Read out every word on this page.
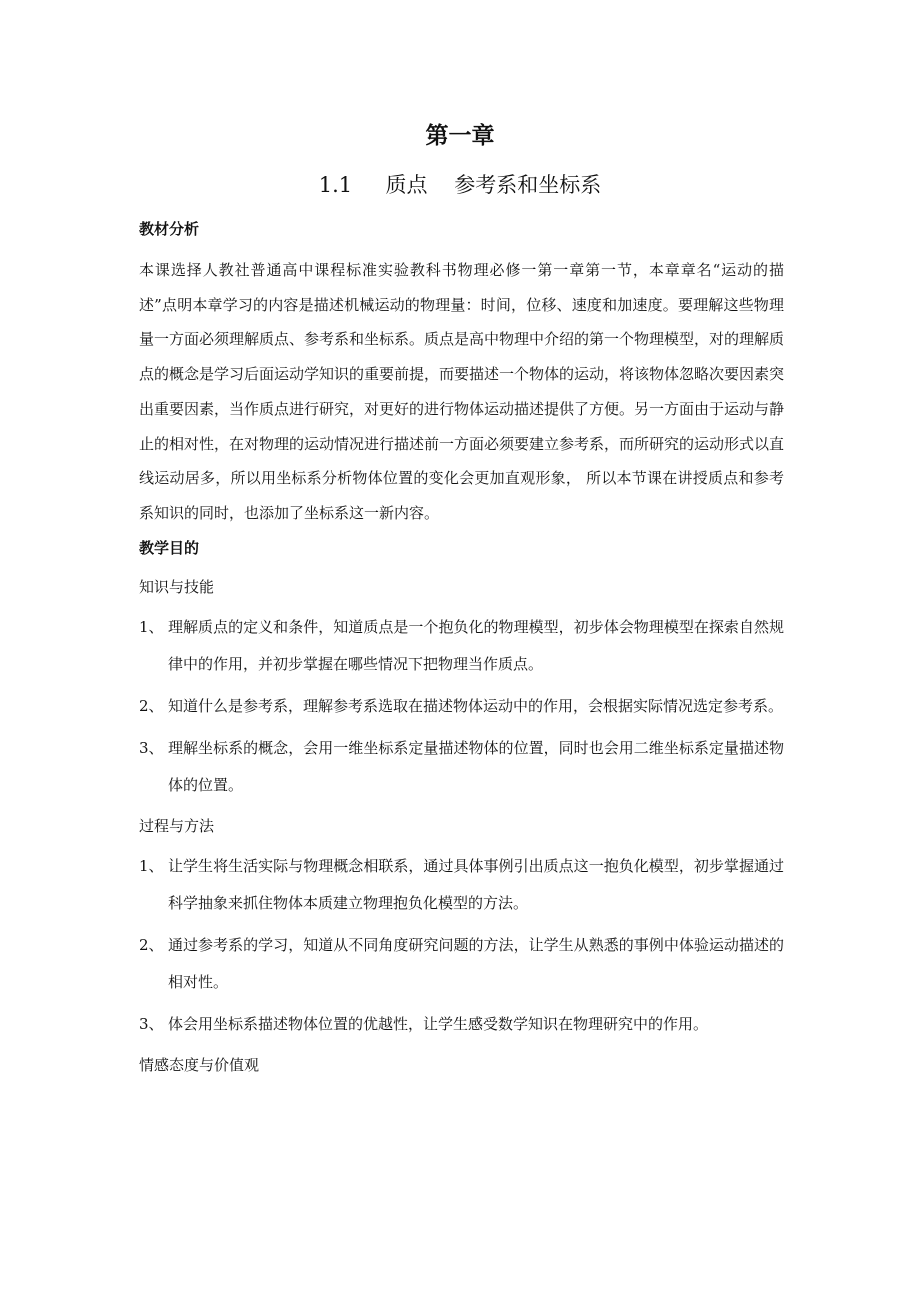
第一章
1.1     质点    参考系和坐标系
教材分析

本课选择人教社普通高中课程标准实验教科书物理必修一第一章第一节，本章章名“运动的描述”点明本章学习的内容是描述机械运动的物理量：时间，位移、速度和加速度。要理解这些物理量一方面必须理解质点、参考系和坐标系。质点是高中物理中介绍的第一个物理模型，对的理解质点的概念是学习后面运动学知识的重要前提，而要描述一个物体的运动，将该物体忽略次要因素突出重要因素，当作质点进行研究，对更好的进行物体运动描述提供了方便。另一方面由于运动与静止的相对性，在对物理的运动情况进行描述前一方面必须要建立参考系，而所研究的运动形式以直线运动居多，所以用坐标系分析物体位置的变化会更加直观形象， 所以本节课在讲授质点和参考系知识的同时，也添加了坐标系这一新内容。

教学目的
知识与技能
1、 理解质点的定义和条件，知道质点是一个抱负化的物理模型，初步体会物理模型在探索自然规律中的作用，并初步掌握在哪些情况下把物理当作质点。
2、 知道什么是参考系，理解参考系选取在描述物体运动中的作用，会根据实际情况选定参考系。
3、 理解坐标系的概念，会用一维坐标系定量描述物体的位置，同时也会用二维坐标系定量描述物体的位置。
过程与方法
1、 让学生将生活实际与物理概念相联系，通过具体事例引出质点这一抱负化模型，初步掌握通过科学抽象来抓住物体本质建立物理抱负化模型的方法。
2、 通过参考系的学习，知道从不同角度研究问题的方法，让学生从熟悉的事例中体验运动描述的相对性。
3、 体会用坐标系描述物体位置的优越性，让学生感受数学知识在物理研究中的作用。
情感态度与价值观
